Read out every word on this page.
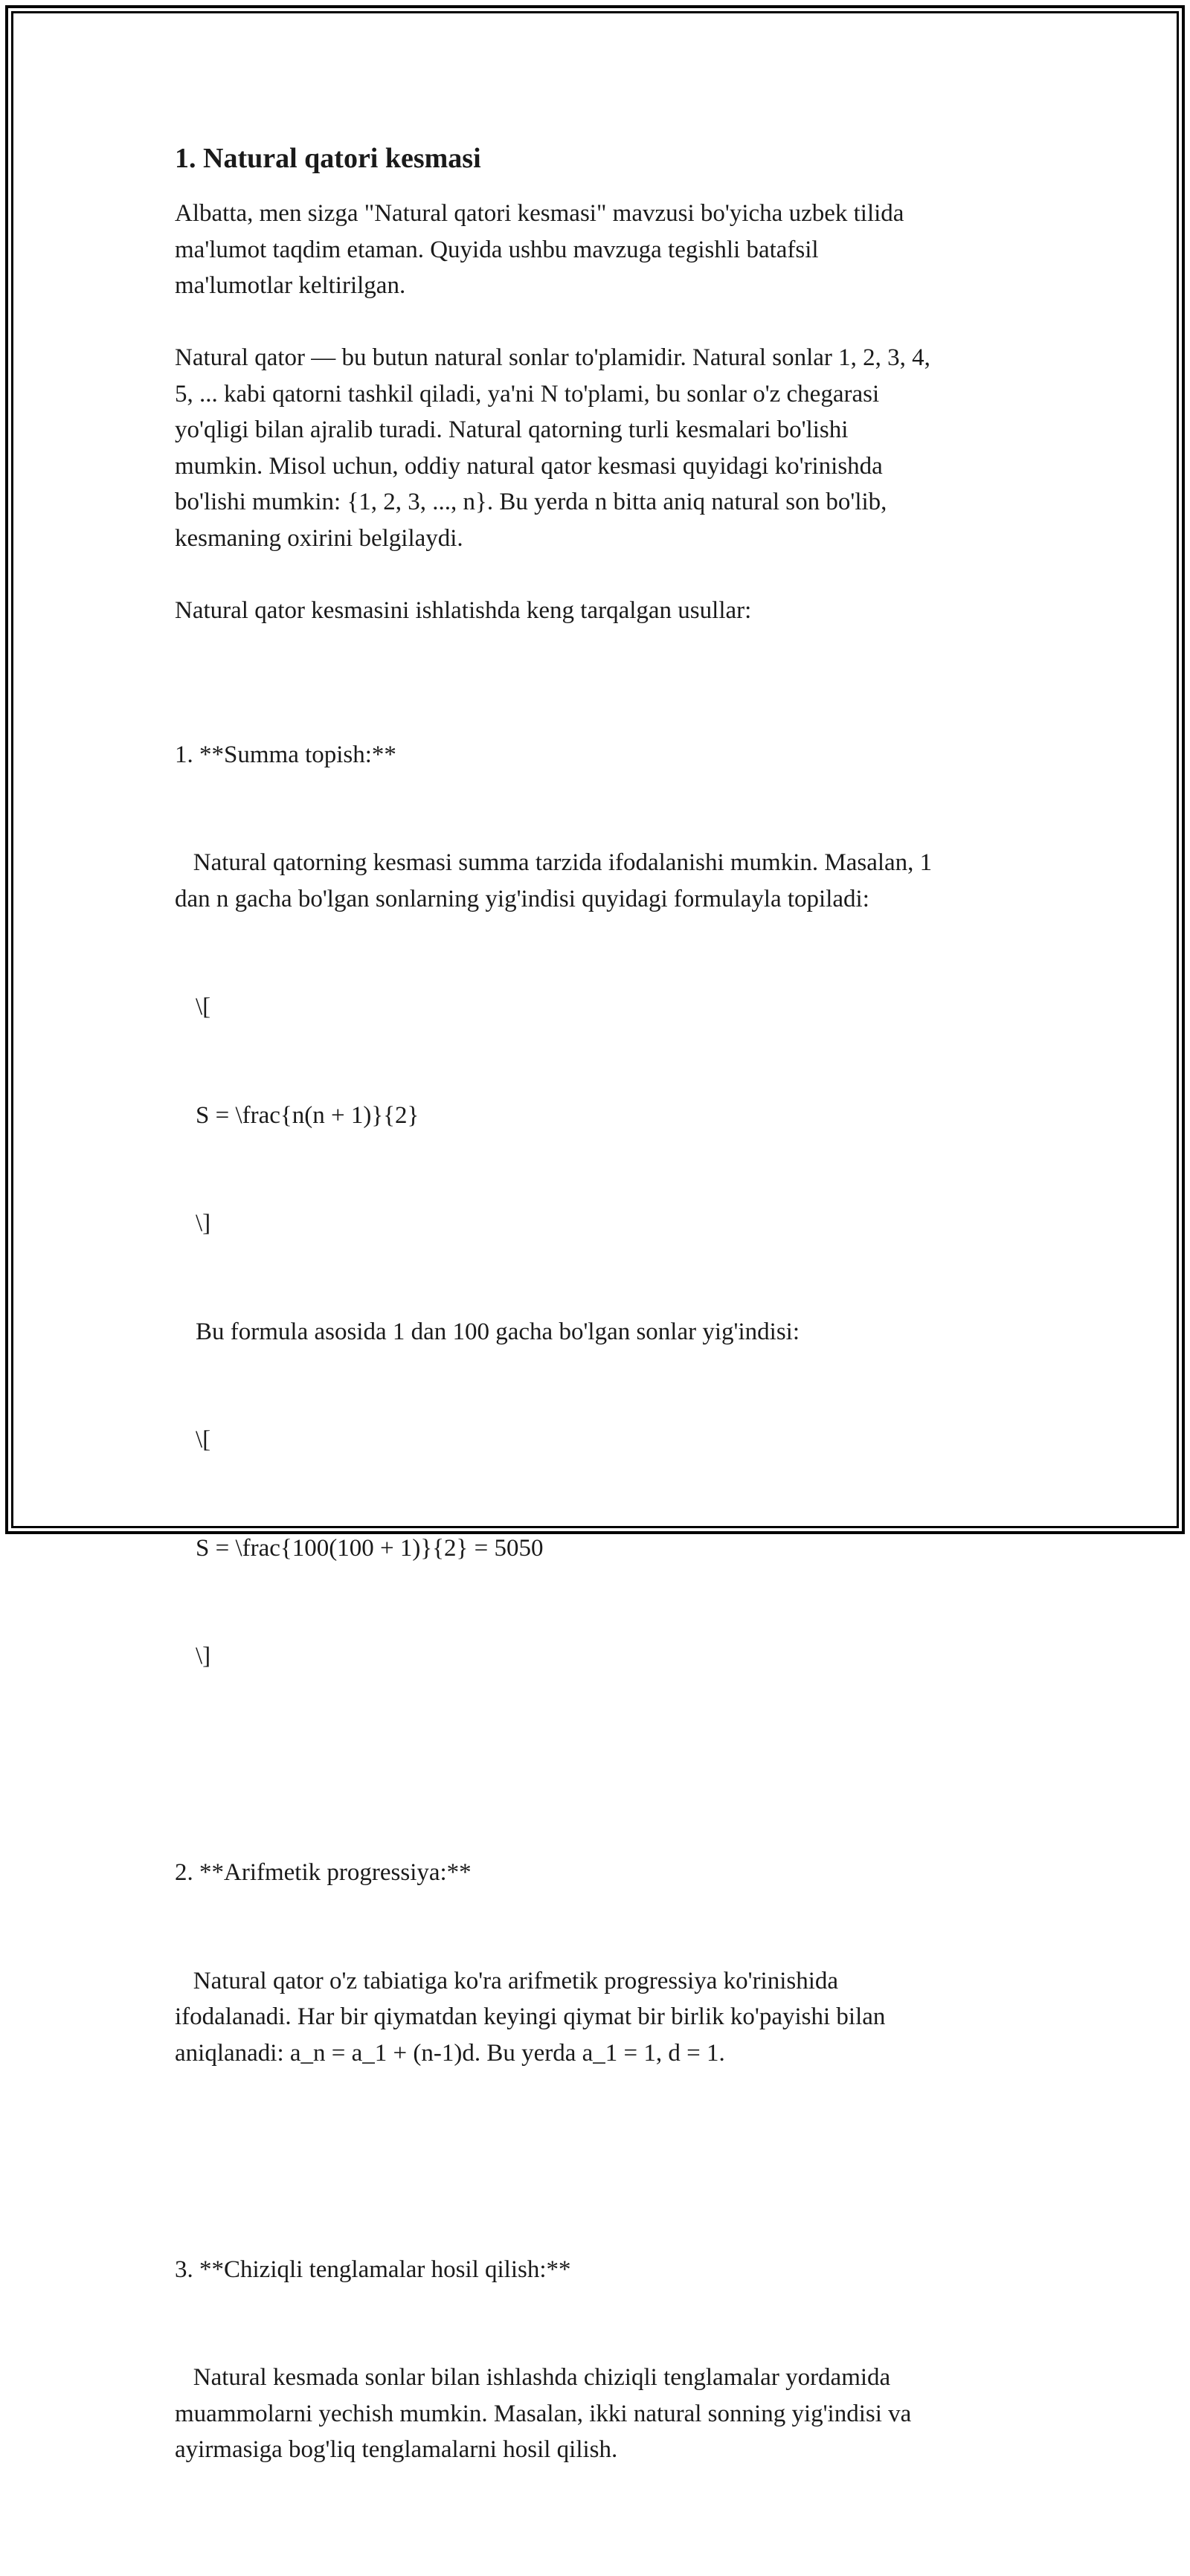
1. Natural qatori kesmasi
Albatta, men sizga "Natural qatori kesmasi" mavzusi bo'yicha uzbek tilida
ma'lumot taqdim etaman. Quyida ushbu mavzuga tegishli batafsil
ma'lumotlar keltirilgan.
Natural qator — bu butun natural sonlar to'plamidir. Natural sonlar 1, 2, 3, 4,
5, ... kabi qatorni tashkil qiladi, ya'ni N to'plami, bu sonlar o'z chegarasi
yo'qligi bilan ajralib turadi. Natural qatorning turli kesmalari bo'lishi
mumkin. Misol uchun, oddiy natural qator kesmasi quyidagi ko'rinishda
bo'lishi mumkin: {1, 2, 3, ..., n}. Bu yerda n bitta aniq natural son bo'lib,
kesmaning oxirini belgilaydi.
Natural qator kesmasini ishlatishda keng tarqalgan usullar:

1. **Summa topish:**

Natural qatorning kesmasi summa tarzida ifodalanishi mumkin. Masalan, 1
dan n gacha bo'lgan sonlarning yig'indisi quyidagi formulayla topiladi:

\[

S = \frac{n(n + 1)}{2}

\]

Bu formula asosida 1 dan 100 gacha bo'lgan sonlar yig'indisi:

\[

S = \frac{100(100 + 1)}{2} = 5050

\]

2. **Arifmetik progressiya:**

Natural qator o'z tabiatiga ko'ra arifmetik progressiya ko'rinishida
ifodalanadi. Har bir qiymatdan keyingi qiymat bir birlik ko'payishi bilan
aniqlanadi: a_n = a_1 + (n-1)d. Bu yerda a_1 = 1, d = 1.

3. **Chiziqli tenglamalar hosil qilish:**

Natural kesmada sonlar bilan ishlashda chiziqli tenglamalar yordamida
muammolarni yechish mumkin. Masalan, ikki natural sonning yig'indisi va
ayirmasiga bog'liq tenglamalarni hosil qilish.
